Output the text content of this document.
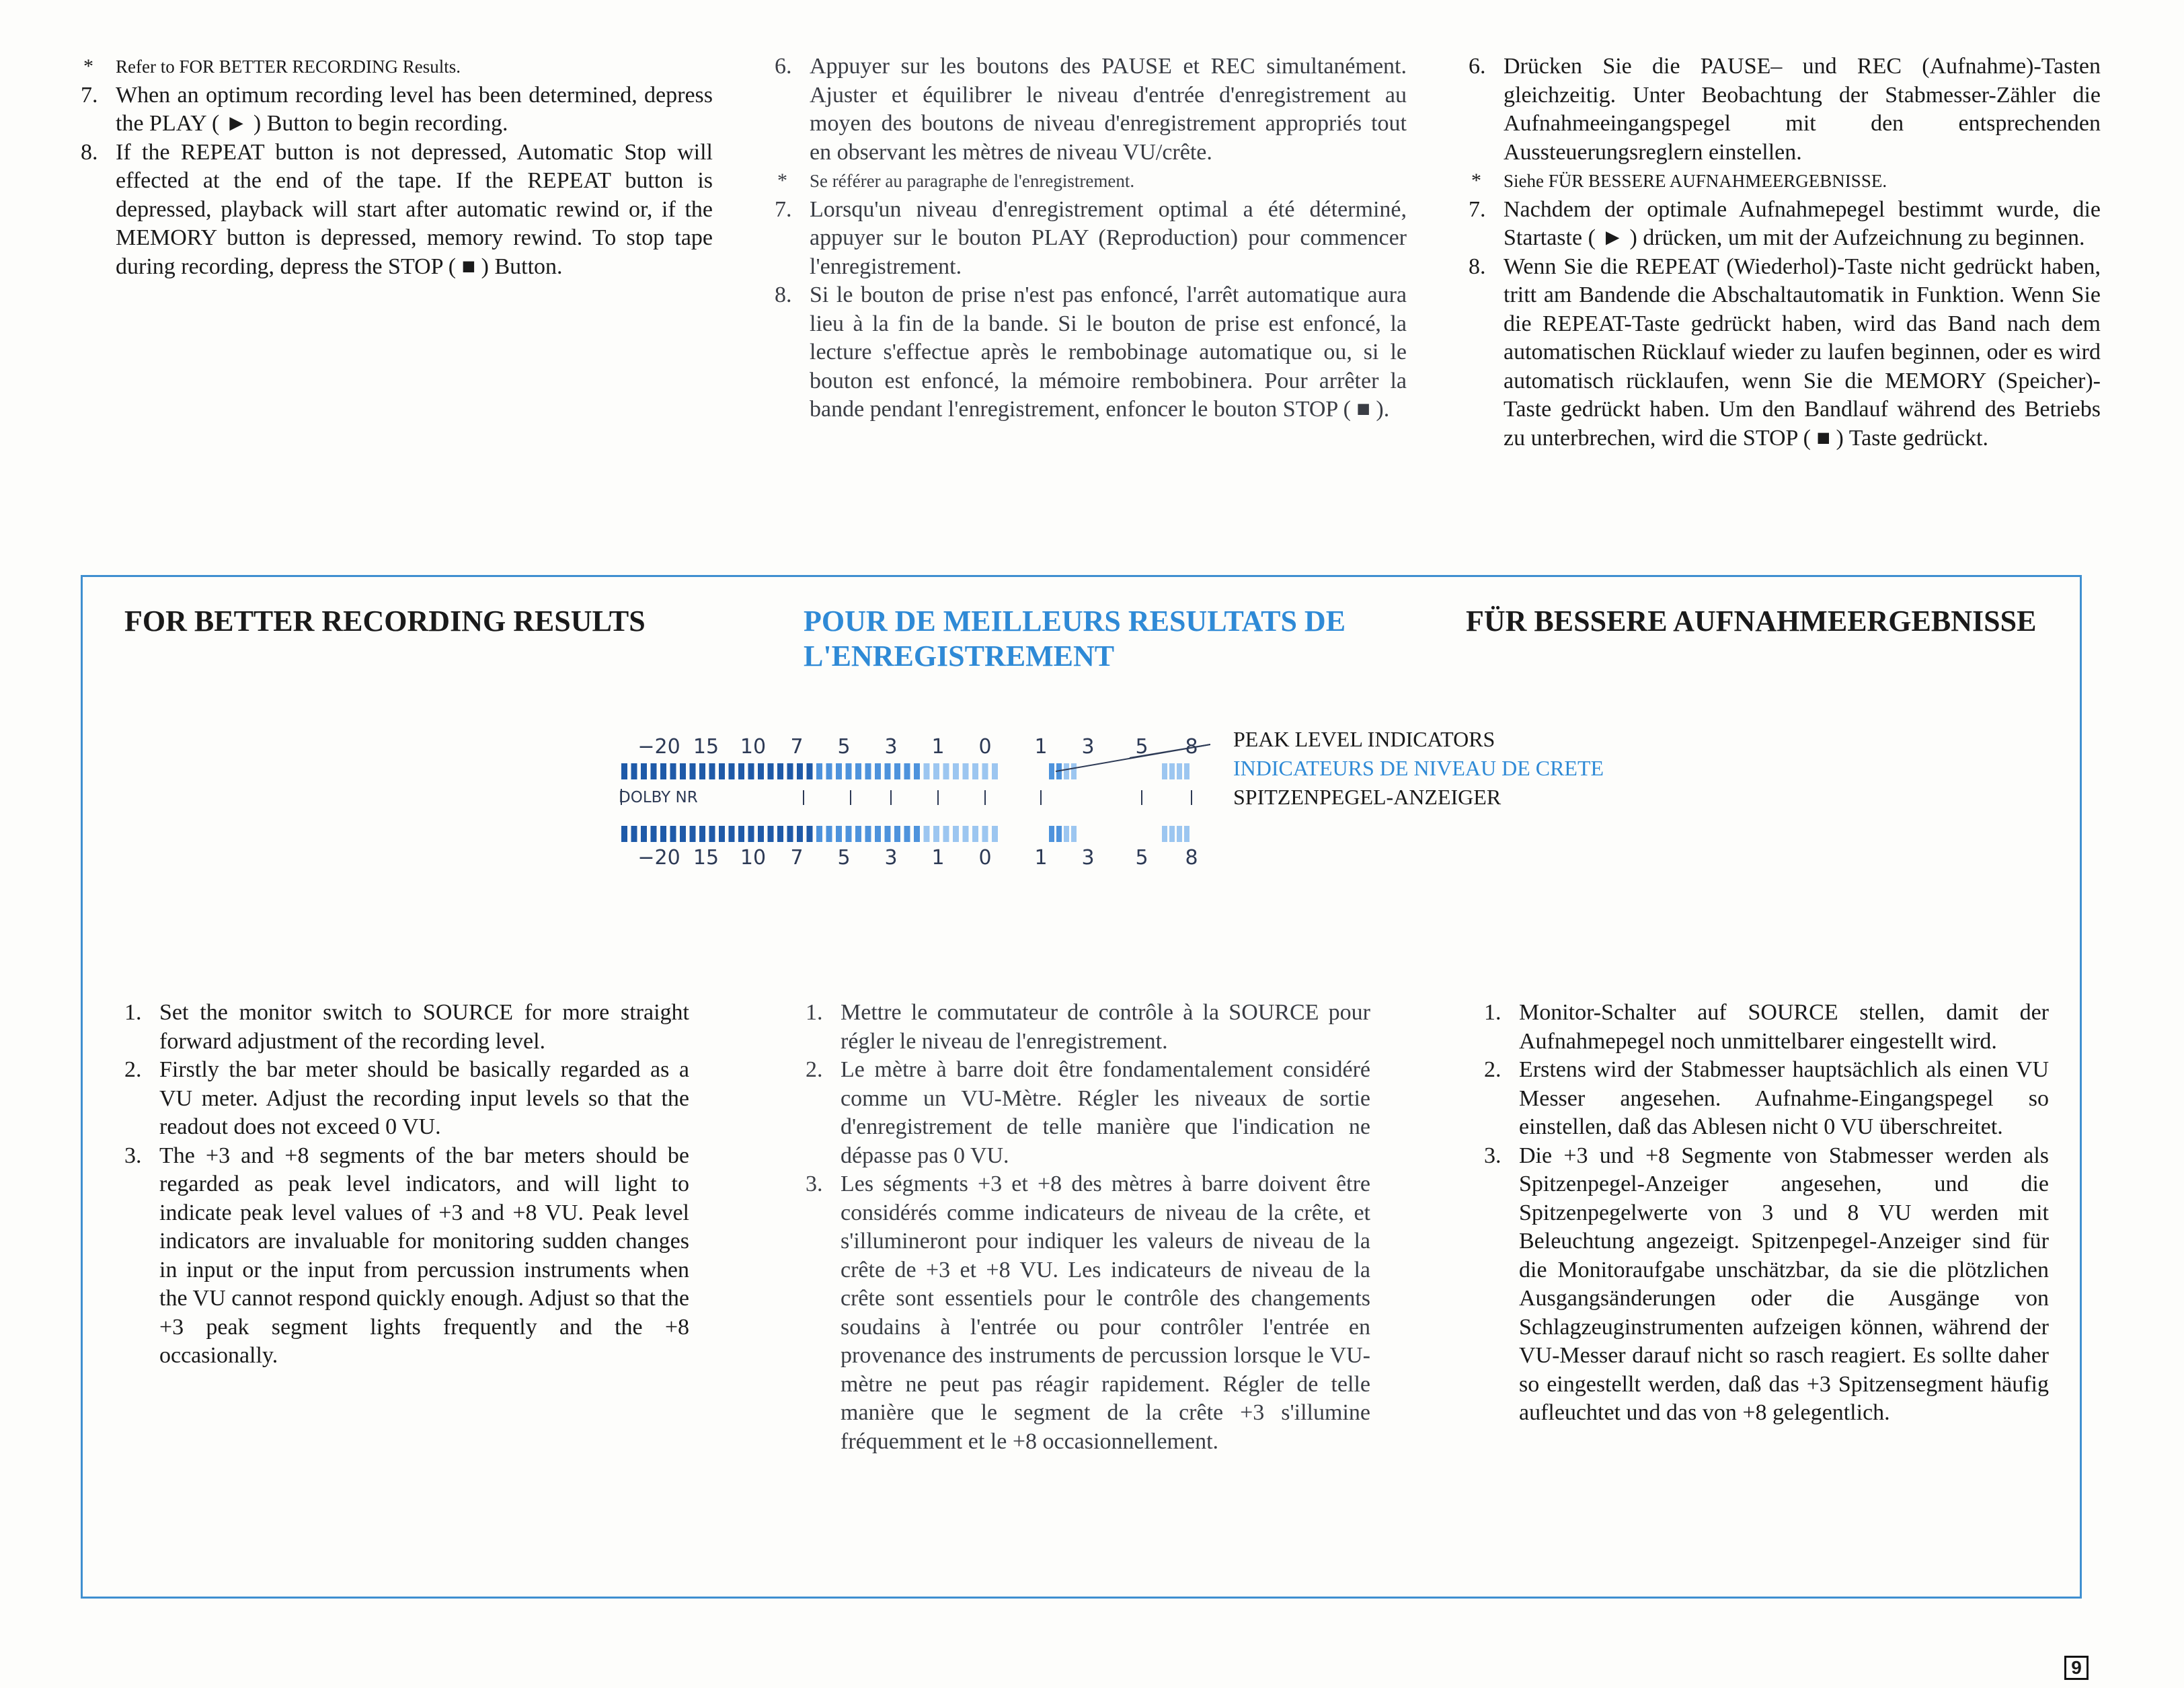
*	Refer to FOR BETTER RECORDING Results.
7. When an optimum recording level has been determined, depress the PLAY ( ► ) Button to begin recording.
8. If the REPEAT button is not depressed, Automatic Stop will effected at the end of the tape. If the REPEAT button is depressed, playback will start after automatic rewind or, if the MEMORY button is depressed, memory rewind. To stop tape during recording, depress the STOP ( ■ ) Button.
6. Appuyer sur les boutons des PAUSE et REC simultanément. Ajuster et équilibrer le niveau d'entrée d'enregistrement au moyen des boutons de niveau d'enregistrement appropriés tout en observant les mètres de niveau VU/crête.
*	Se référer au paragraphe de l'enregistrement.
7. Lorsqu'un niveau d'enregistrement optimal a été déterminé, appuyer sur le bouton PLAY (Reproduction) pour commencer l'enregistrement.
8. Si le bouton de prise n'est pas enfoncé, l'arrêt automatique aura lieu à la fin de la bande. Si le bouton de prise est enfoncé, la lecture s'effectue après le rembobinage automatique ou, si le bouton est enfoncé, la mémoire rembobinera. Pour arrêter la bande pendant l'enregistrement, enfoncer le bouton STOP ( ■ ).
6. Drücken Sie die PAUSE– und REC (Aufnahme)-Tasten gleichzeitig. Unter Beobachtung der Stabmesser-Zähler die Aufnahmeeingangspegel mit den entsprechenden Aussteuerungsreglern einstellen.
*	Siehe FÜR BESSERE AUFNAHMEERGEBNISSE.
7. Nachdem der optimale Aufnahmepegel bestimmt wurde, die Startaste ( ► ) drücken, um mit der Aufzeichnung zu beginnen.
8. Wenn Sie die REPEAT (Wiederhol)-Taste nicht gedrückt haben, tritt am Bandende die Abschaltautomatik in Funktion. Wenn Sie die REPEAT-Taste gedrückt haben, wird das Band nach dem automatischen Rücklauf wieder zu laufen beginnen, oder es wird automatisch rücklaufen, wenn Sie die MEMORY (Speicher)-Taste gedrückt haben. Um den Bandlauf während des Betriebs zu unterbrechen, wird die STOP ( ■ ) Taste gedrückt.
FOR BETTER RECORDING RESULTS	POUR DE MEILLEURS RESULTATS DE
L'ENREGISTREMENT
FÜR BESSERE AUFNAHMEERGEBNISSE
−20
−20
15
15
10
10
7
7
5
5
3
3
1
1
0
0
1
1
3
3
5
5
8
8
DOLBY NR
PEAK LEVEL INDICATORS
INDICATEURS DE NIVEAU DE CRETE
SPITZENPEGEL-ANZEIGER
1. Set the monitor switch to SOURCE for more straight forward adjustment of the recording level.
2. Firstly the bar meter should be basically regarded as a VU meter. Adjust the recording input levels so that the readout does not exceed 0 VU.
3. The +3 and +8 segments of the bar meters should be regarded as peak level indicators, and will light to indicate peak level values of +3 and +8 VU. Peak level indicators are invaluable for monitoring sudden changes in input or the input from percussion instruments when the VU cannot respond quickly enough. Adjust so that the +3 peak segment lights frequently and the +8 occasionally.
1. Mettre le commutateur de contrôle à la SOURCE pour régler le niveau de l'enregistrement.
2. Le mètre à barre doit être fondamentalement considéré comme un VU-Mètre. Régler les niveaux de sortie d'enregistrement de telle manière que l'indication ne dépasse pas 0 VU.
3. Les ségments +3 et +8 des mètres à barre doivent être considérés comme indicateurs de niveau de la crête, et s'illumineront pour indiquer les valeurs de niveau de la crête de +3 et +8 VU. Les indicateurs de niveau de la crête sont essentiels pour le contrôle des changements soudains à l'entrée ou pour contrôler l'entrée en provenance des instruments de percussion lorsque le VU-mètre ne peut pas réagir rapidement. Régler de telle manière que le segment de la crête +3 s'illumine fréquemment et le +8 occasionnellement.
1. Monitor-Schalter auf SOURCE stellen, damit der Aufnahmepegel noch unmittelbarer eingestellt wird.
2. Erstens wird der Stabmesser hauptsächlich als einen VU Messer angesehen. Aufnahme-Eingangspegel so einstellen, daß das Ablesen nicht 0 VU überschreitet.
3. Die +3 und +8 Segmente von Stabmesser werden als Spitzenpegel-Anzeiger angesehen, und die Spitzenpegelwerte von 3 und 8 VU werden mit Beleuchtung angezeigt. Spitzenpegel-Anzeiger sind für die Monitoraufgabe unschätzbar, da sie die plötzlichen Ausgangsänderungen oder die Ausgänge von Schlagzeuginstrumenten aufzeigen können, während der VU-Messer darauf nicht so rasch reagiert. Es sollte daher so eingestellt werden, daß das +3 Spitzensegment häufig aufleuchtet und das von +8 gelegentlich.
9
